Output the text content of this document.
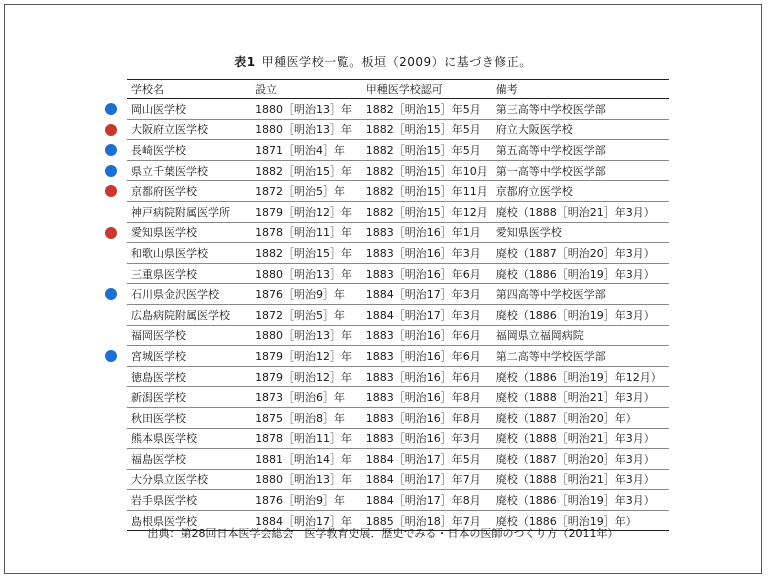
表1 甲種医学校一覧。板垣（2009）に基づき修正。
学校名	設立	甲種医学校認可	備考
岡山医学校	1880［明治13］年	1882［明治15］年5月	第三高等中学校医学部
大阪府立医学校	1880［明治13］年	1882［明治15］年5月	府立大阪医学校
長崎医学校	1871［明治4］年	1882［明治15］年5月	第五高等中学校医学部
県立千葉医学校	1882［明治15］年	1882［明治15］年10月	第一高等中学校医学部
京都府医学校	1872［明治5］年	1882［明治15］年11月	京都府立医学校
神戸病院附属医学所	1879［明治12］年	1882［明治15］年12月	廃校（1888［明治21］年3月）
愛知県医学校	1878［明治11］年	1883［明治16］年1月	愛知県医学校
和歌山県医学校	1882［明治15］年	1883［明治16］年3月	廃校（1887［明治20］年3月）
三重県医学校	1880［明治13］年	1883［明治16］年6月	廃校（1886［明治19］年3月）
石川県金沢医学校	1876［明治9］年	1884［明治17］年3月	第四高等中学校医学部
広島病院附属医学校	1872［明治5］年	1884［明治17］年3月	廃校（1886［明治19］年3月）
福岡医学校	1880［明治13］年	1883［明治16］年6月	福岡県立福岡病院
宮城医学校	1879［明治12］年	1883［明治16］年6月	第二高等中学校医学部
徳島医学校	1879［明治12］年	1883［明治16］年6月	廃校（1886［明治19］年12月）
新潟医学校	1873［明治6］年	1883［明治16］年8月	廃校（1888［明治21］年3月）
秋田医学校	1875［明治8］年	1883［明治16］年8月	廃校（1887［明治20］年）
熊本県医学校	1878［明治11］年	1883［明治16］年3月	廃校（1888［明治21］年3月）
福島医学校	1881［明治14］年	1884［明治17］年5月	廃校（1887［明治20］年3月）
大分県立医学校	1880［明治13］年	1884［明治17］年7月	廃校（1888［明治21］年3月）
岩手県医学校	1876［明治9］年	1884［明治17］年8月	廃校（1886［明治19］年3月）
島根県医学校	1884［明治17］年	1885［明治18］年7月	廃校（1886［明治19］年）
出典：第28回日本医学会総会　医学教育史展．歴史でみる・日本の医師のつくり方（2011年）
